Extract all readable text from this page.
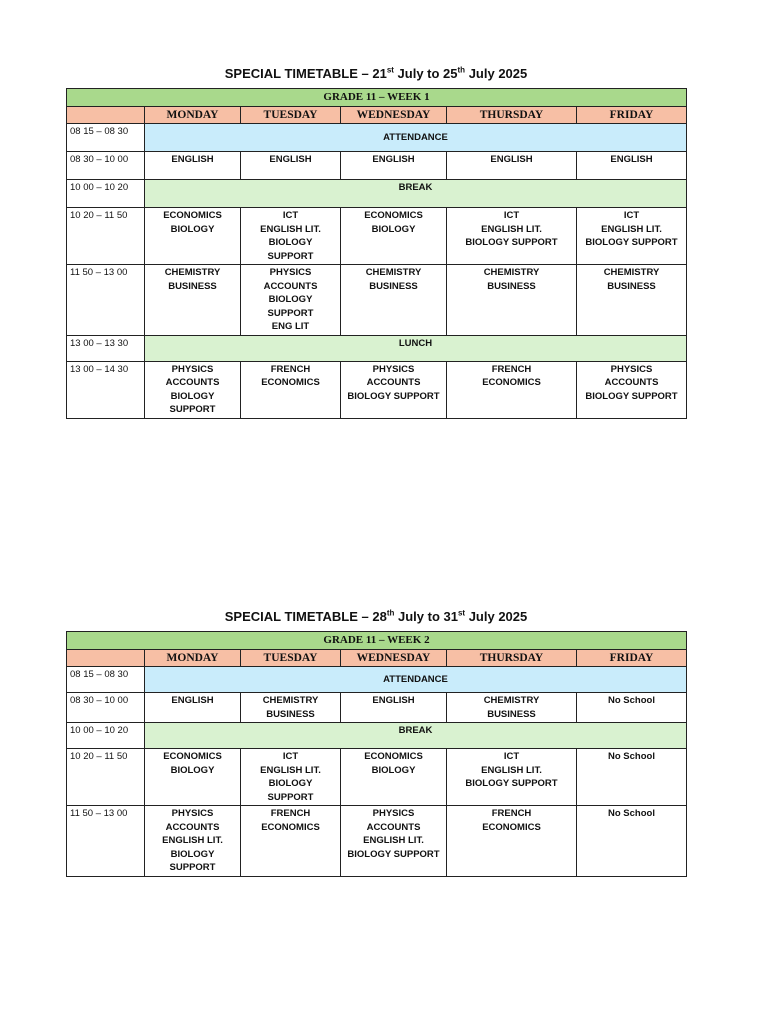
SPECIAL TIMETABLE – 21st July to 25th July 2025
GRADE 11 – WEEK 1					
	MONDAY	TUESDAY	WEDNESDAY	THURSDAY	FRIDAY
08 15 – 08 30	ATTENDANCE				
08 30 – 10 00	ENGLISH	ENGLISH	ENGLISH	ENGLISH	ENGLISH

10 00 – 10 20	BREAK				
10 20 – 11 50	ECONOMICS
BIOLOGY	ICT
ENGLISH LIT.
BIOLOGY
SUPPORT	ECONOMICS
BIOLOGY	ICT
ENGLISH LIT.
BIOLOGY SUPPORT	ICT
ENGLISH LIT.
BIOLOGY SUPPORT

11 50 – 13 00	CHEMISTRY
BUSINESS	PHYSICS
ACCOUNTS
BIOLOGY
SUPPORT
ENG LIT	CHEMISTRY
BUSINESS	CHEMISTRY
BUSINESS	CHEMISTRY
BUSINESS

13 00 – 13 30	LUNCH				
13 00 – 14 30	PHYSICS
ACCOUNTS
BIOLOGY
SUPPORT	FRENCH
ECONOMICS	PHYSICS
ACCOUNTS
BIOLOGY SUPPORT	FRENCH
ECONOMICS	PHYSICS
ACCOUNTS
BIOLOGY SUPPORT
SPECIAL TIMETABLE – 28th July to 31st July 2025
GRADE 11 – WEEK 2					
	MONDAY	TUESDAY	WEDNESDAY	THURSDAY	FRIDAY
08 15 – 08 30	ATTENDANCE				
08 30 – 10 00	ENGLISH	CHEMISTRY
BUSINESS	ENGLISH	CHEMISTRY
BUSINESS	No School

10 00 – 10 20	BREAK				
10 20 – 11 50	ECONOMICS
BIOLOGY	ICT
ENGLISH LIT.
BIOLOGY
SUPPORT	ECONOMICS
BIOLOGY	ICT
ENGLISH LIT.
BIOLOGY SUPPORT	No School

11 50 – 13 00	PHYSICS
ACCOUNTS
ENGLISH LIT.
BIOLOGY
SUPPORT	FRENCH
ECONOMICS	PHYSICS
ACCOUNTS
ENGLISH LIT.
BIOLOGY SUPPORT	FRENCH
ECONOMICS	No School
